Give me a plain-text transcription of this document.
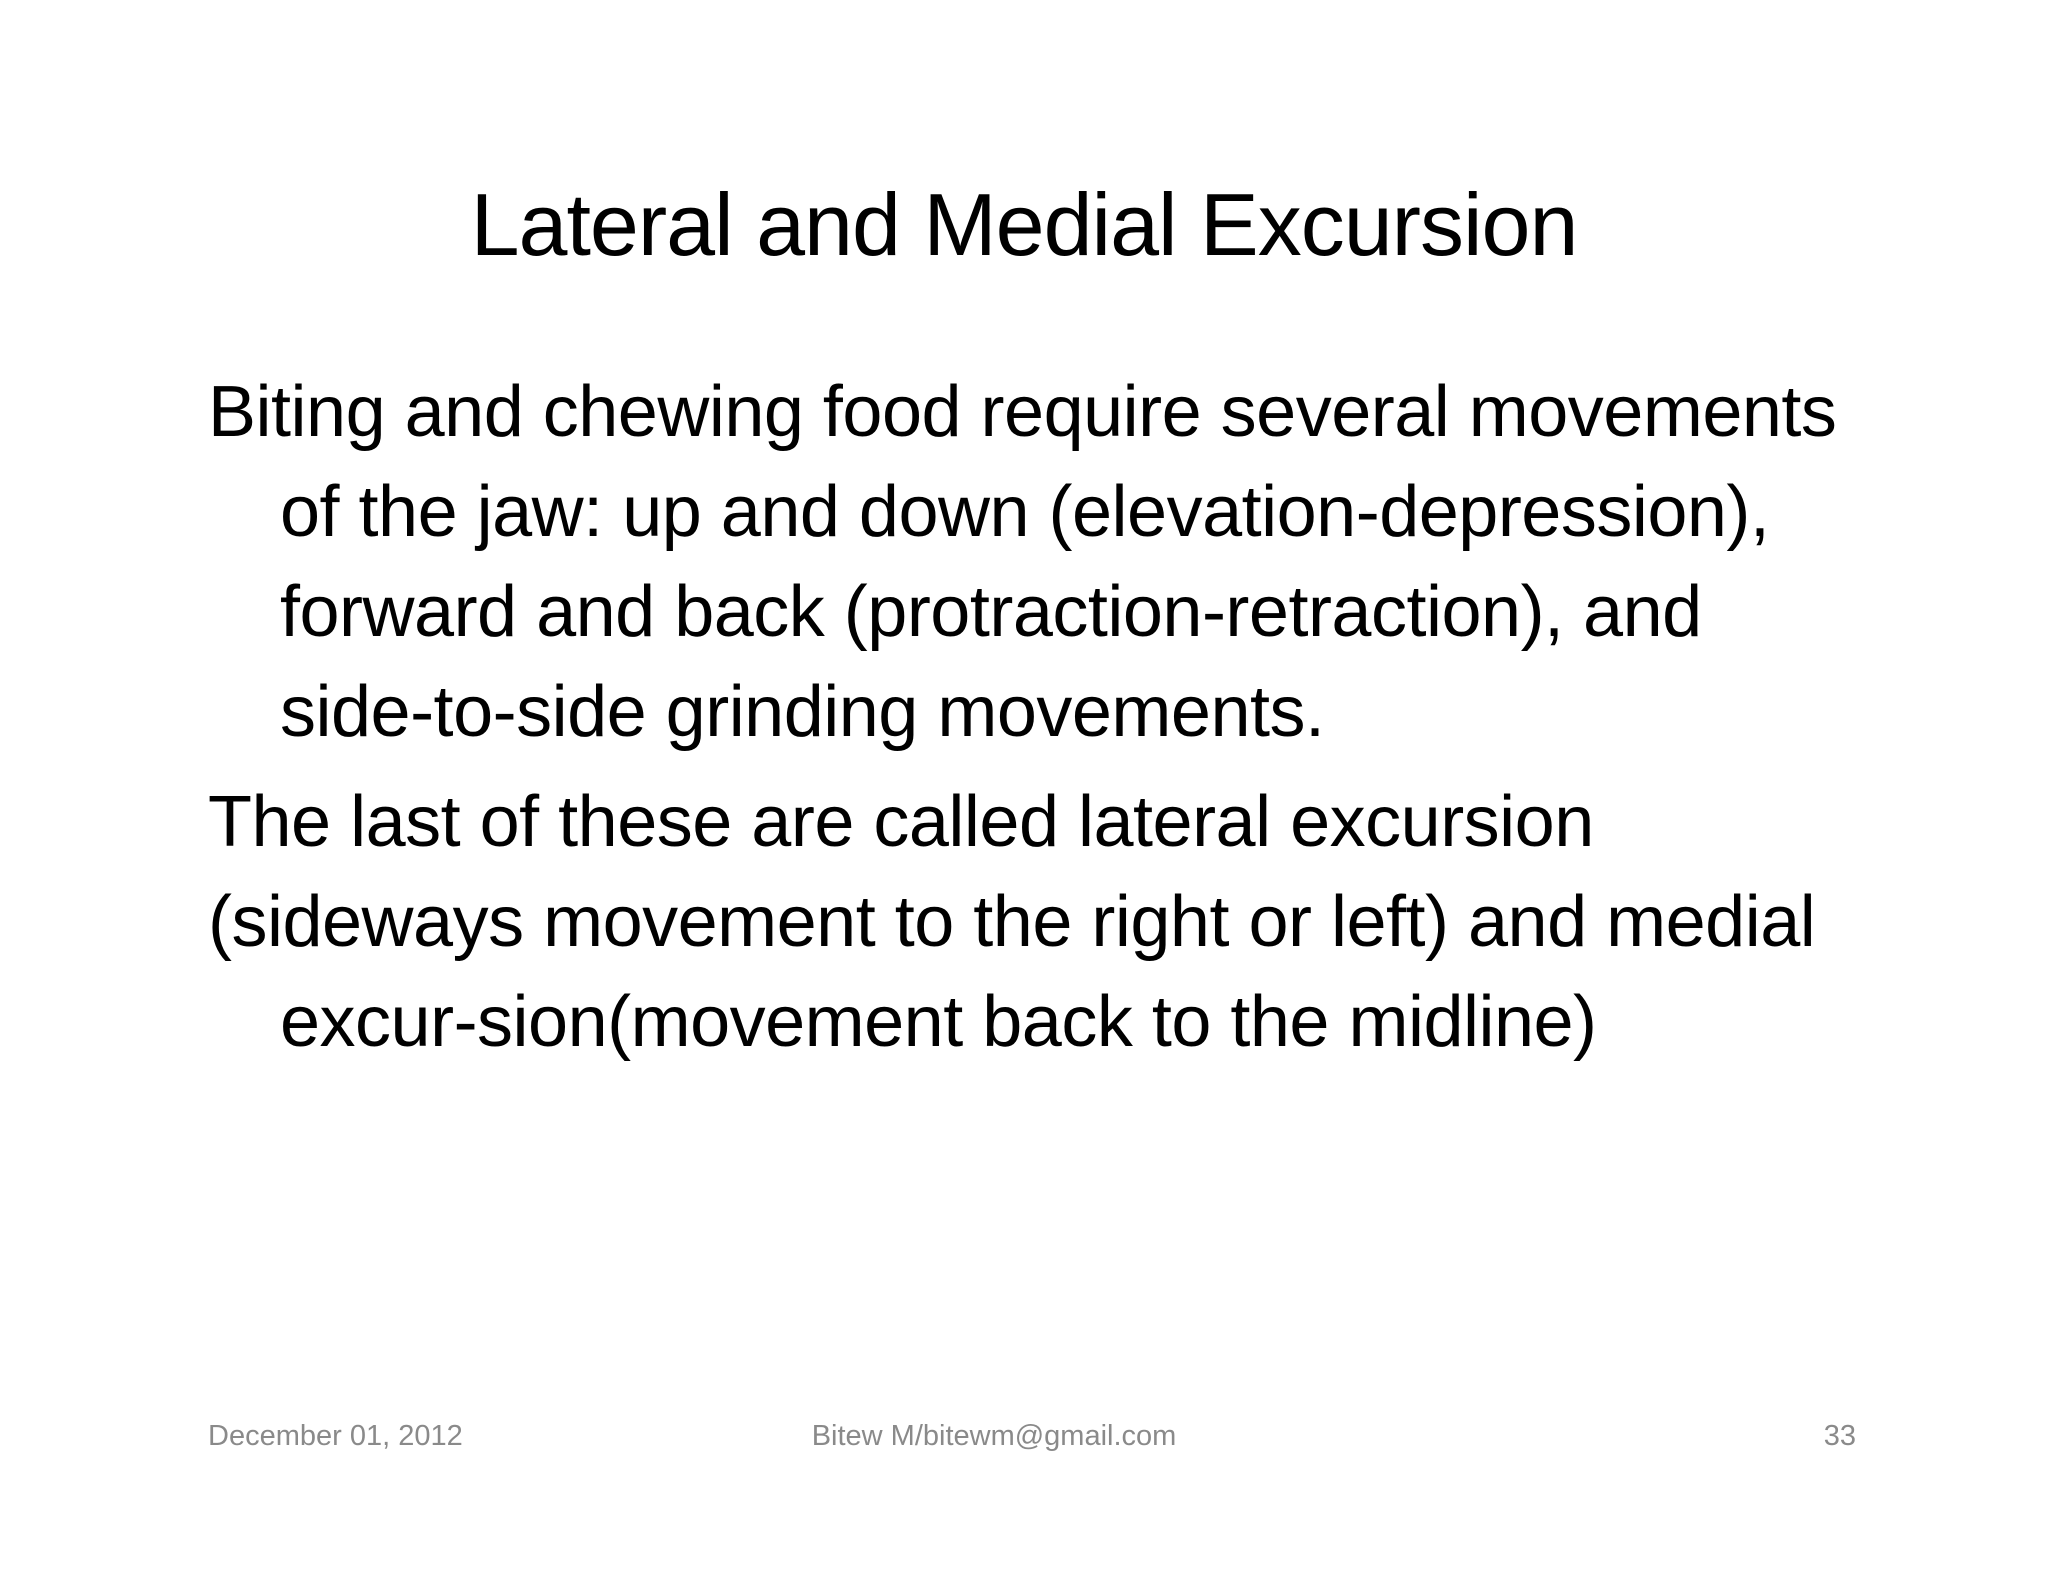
Lateral and Medial Excursion

Biting and chewing food require several movements of the jaw: up and down (elevation-depression), forward and back (protraction-retraction), and side-to-side grinding movements.

The last of these are called lateral excursion

(sideways movement to the right or left) and medial excur-sion(movement back to the midline)

December 01, 2012	Bitew M/bitewm@gmail.com	33
